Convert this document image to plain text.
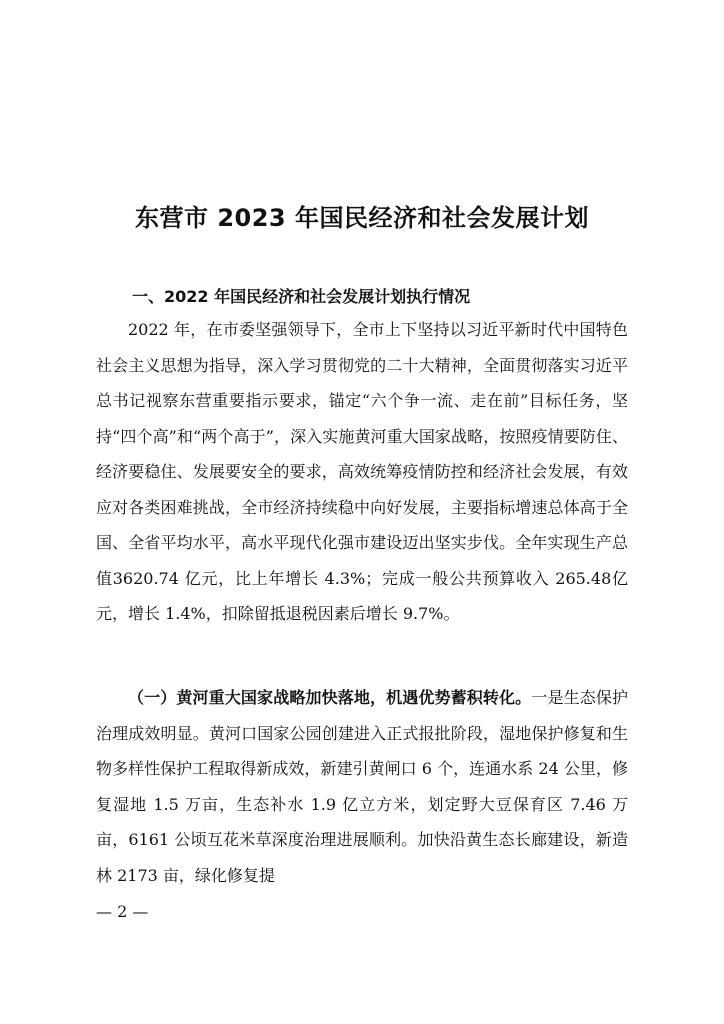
东营市 2023 年国民经济和社会发展计划
一、2022 年国民经济和社会发展计划执行情况

2022 年，在市委坚强领导下，全市上下坚持以习近平新时代中国特色社会主义思想为指导，深入学习贯彻党的二十大精神，全面贯彻落实习近平总书记视察东营重要指示要求，锚定“六个争一流、走在前”目标任务，坚持“四个高”和“两个高于”，深入实施黄河重大国家战略，按照疫情要防住、经济要稳住、发展要安全的要求，高效统筹疫情防控和经济社会发展，有效应对各类困难挑战，全市经济持续稳中向好发展，主要指标增速总体高于全国、全省平均水平，高水平现代化强市建设迈出坚实步伐。全年实现生产总值3620.74 亿元，比上年增长 4.3%；完成一般公共预算收入 265.48亿元，增长 1.4%，扣除留抵退税因素后增长 9.7%。

（一）黄河重大国家战略加快落地，机遇优势蓄积转化。一是生态保护治理成效明显。黄河口国家公园创建进入正式报批阶段，湿地保护修复和生物多样性保护工程取得新成效，新建引黄闸口 6 个，连通水系 24 公里，修复湿地 1.5 万亩，生态补水 1.9 亿立方米，划定野大豆保育区 7.46 万亩，6161 公顷互花米草深度治理进展顺利。加快沿黄生态长廊建设，新造林 2173 亩，绿化修复提

— 2 —
